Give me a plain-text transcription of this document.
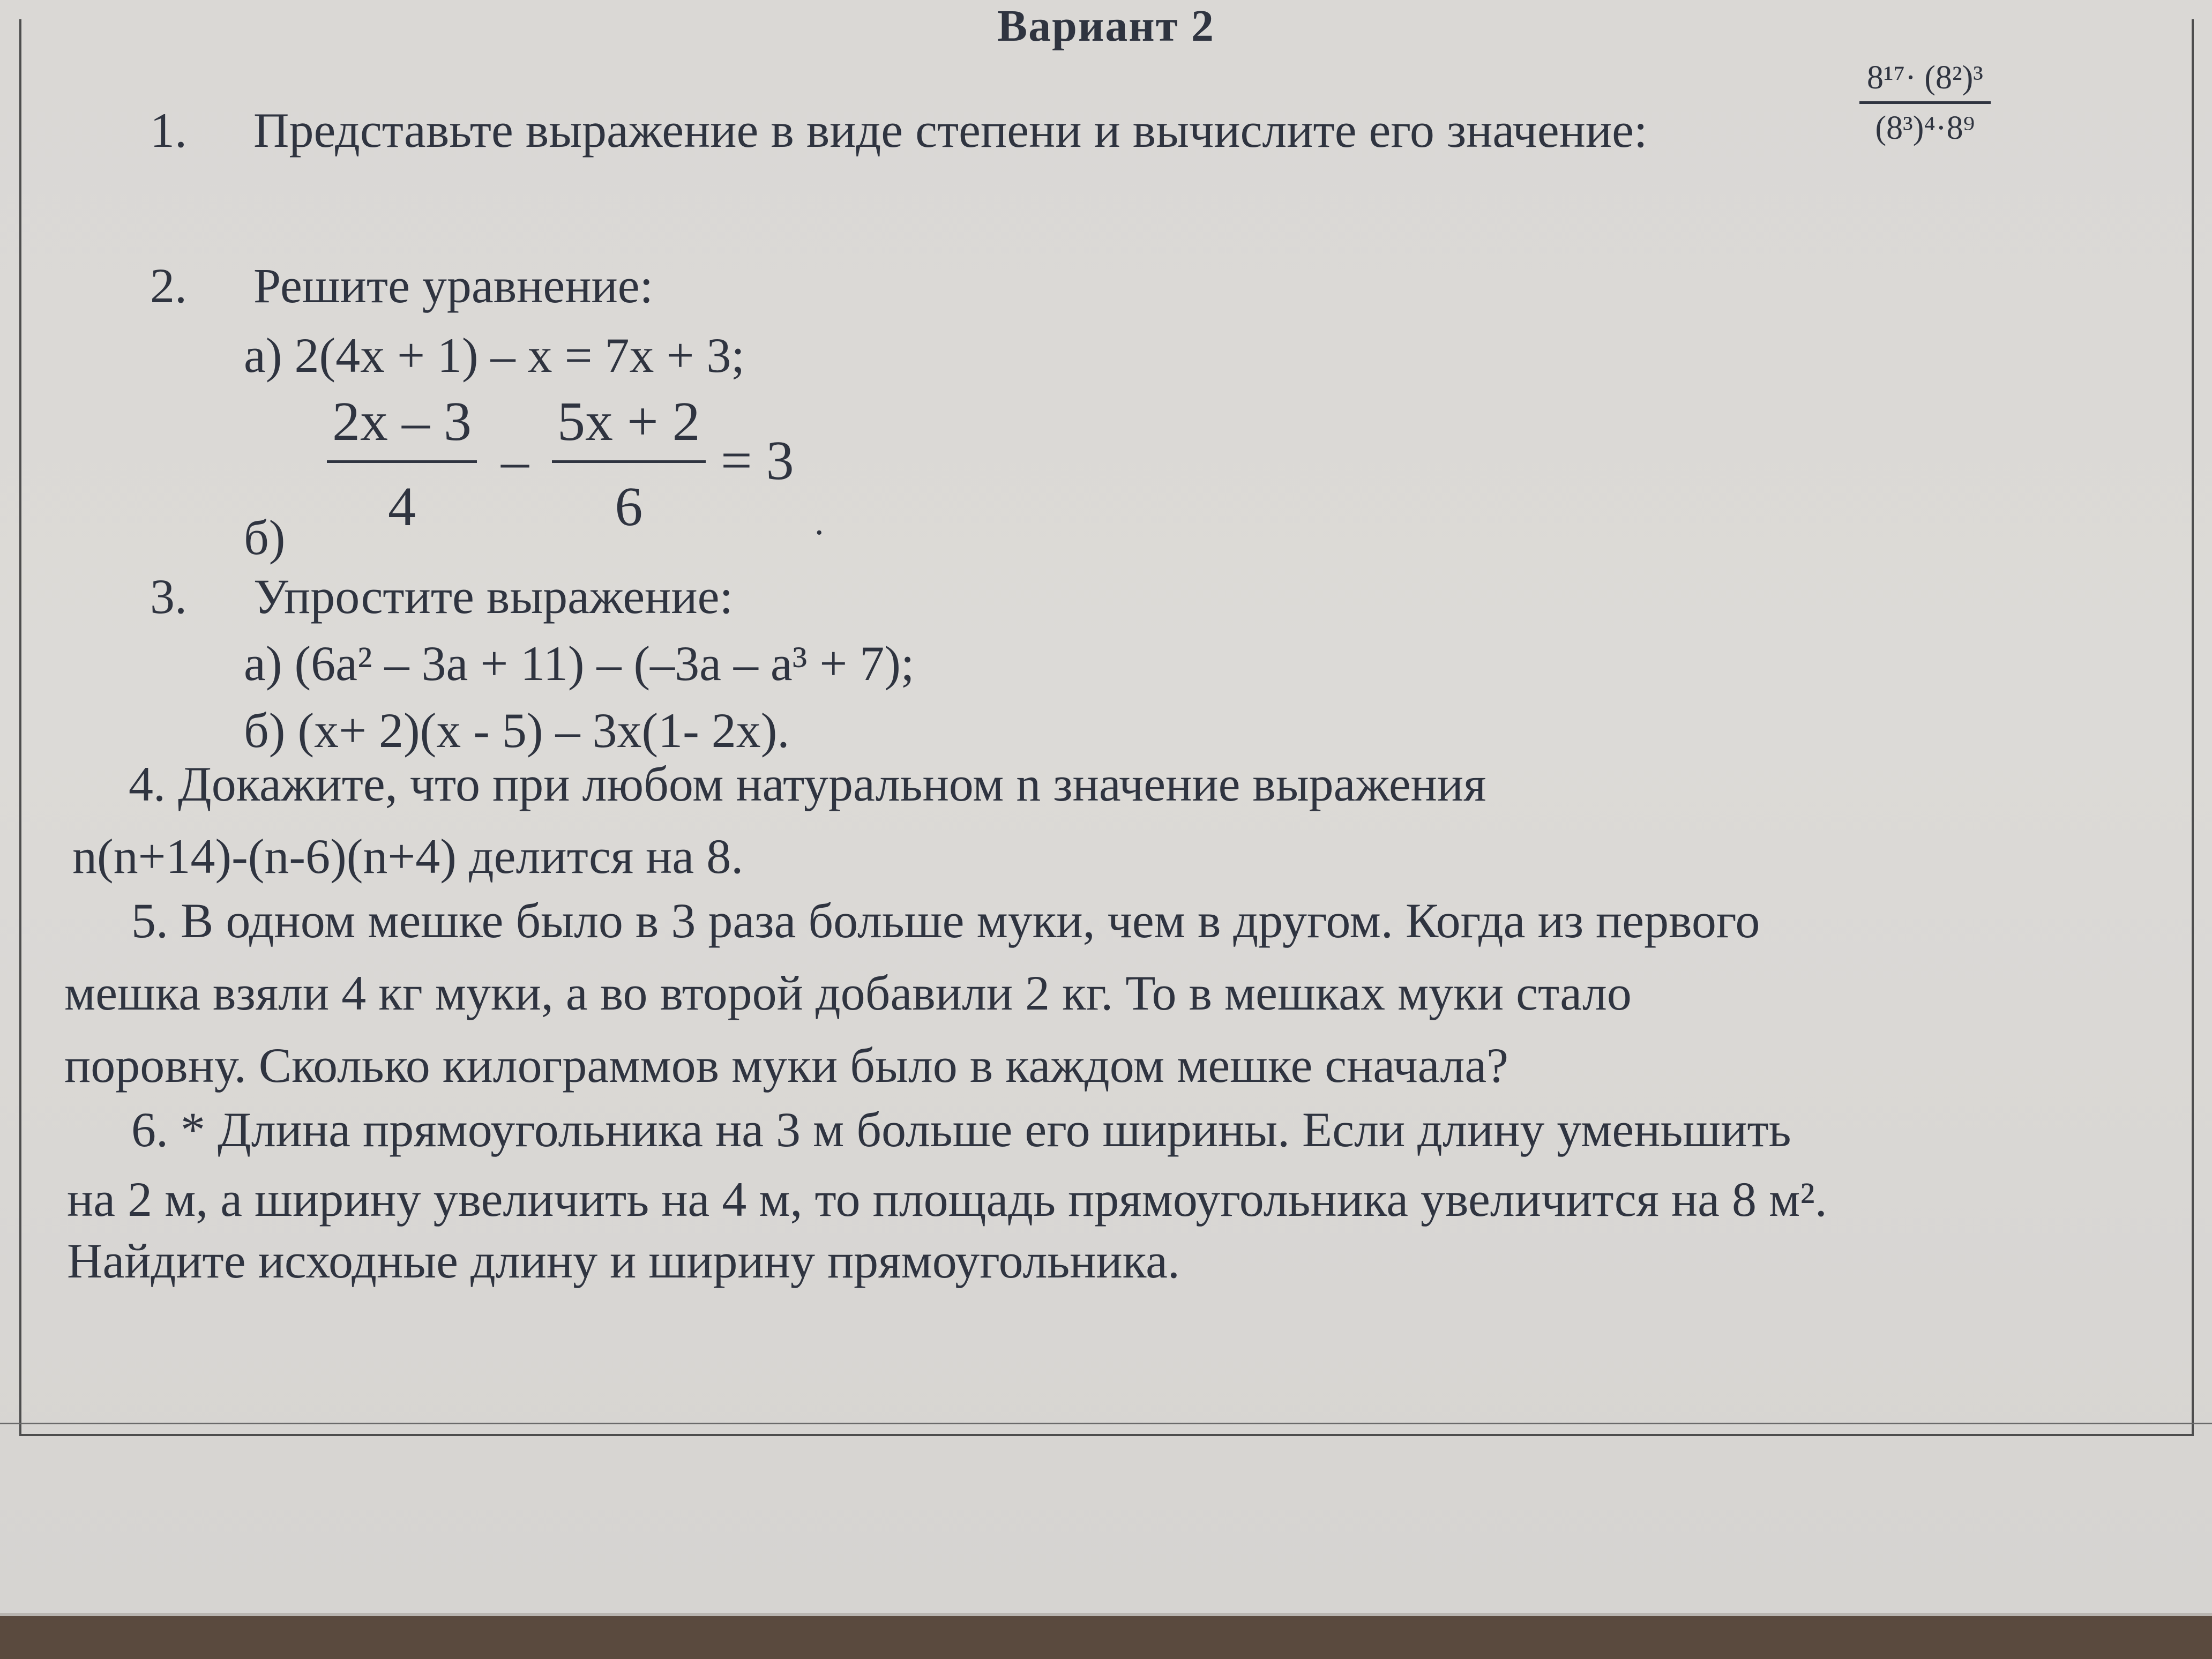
Вариант 2
1. Представьте выражение в виде степени и вычислите его значение:	$\frac{\text{8¹⁷· (8²)³}}{\text{(8³)⁴·8⁹}}$
2. Решите уравнение:
а) 2(4x + 1) – x = 7x + 3;
б)
$\frac{2x - 3}{4} - \frac{5x + 2}{6} = 3$
.
3. Упростите выражение:
а) (6a² – 3a + 11) – (–3a – a³ + 7);
б) (x+ 2)(x - 5) – 3x(1- 2x).
4. Докажите, что при любом натуральном n значение выражения
n(n+14)-(n-6)(n+4) делится на 8.
5. В одном мешке было в 3 раза больше муки, чем в другом. Когда из первого
мешка взяли 4 кг муки, а во второй добавили 2 кг. То в мешках муки стало
поровну. Сколько килограммов муки было в каждом мешке сначала?
6. * Длина прямоугольника на 3 м больше его ширины. Если длину уменьшить
на 2 м, а ширину увеличить на 4 м, то площадь прямоугольника увеличится на 8 м².
Найдите исходные длину и ширину прямоугольника.
